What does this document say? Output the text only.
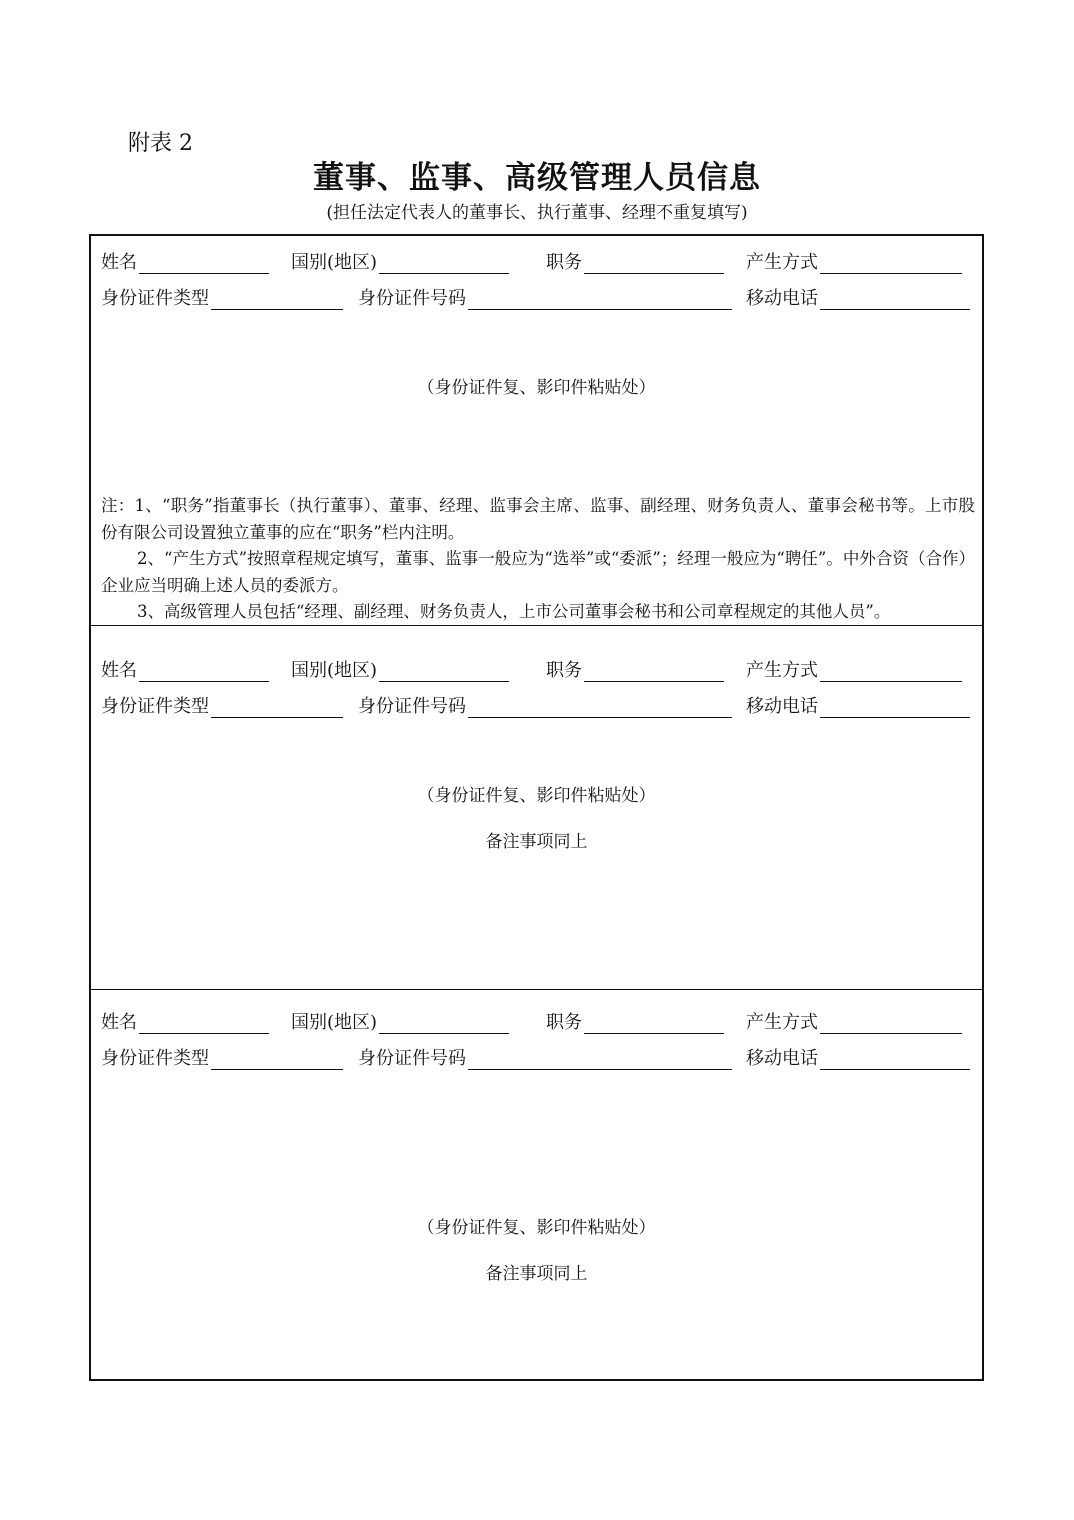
附表 2
董事、监事、高级管理人员信息
(担任法定代表人的董事长、执行董事、经理不重复填写)
姓名	国别(地区)	职务	产生方式
身份证件类型	身份证件号码	移动电话
（身份证件复、影印件粘贴处）

注：1、“职务”指董事长（执行董事）、董事、经理、监事会主席、监事、副经理、财务负责人、董事会秘书等。上市股份有限公司设置独立董事的应在“职务”栏内注明。

2、“产生方式”按照章程规定填写，董事、监事一般应为“选举”或“委派”；经理一般应为“聘任”。中外合资（合作）企业应当明确上述人员的委派方。

3、高级管理人员包括“经理、副经理、财务负责人，上市公司董事会秘书和公司章程规定的其他人员”。

姓名	国别(地区)	职务	产生方式
身份证件类型	身份证件号码	移动电话
（身份证件复、影印件粘贴处）
备注事项同上
姓名	国别(地区)	职务	产生方式
身份证件类型	身份证件号码	移动电话
（身份证件复、影印件粘贴处）
备注事项同上
